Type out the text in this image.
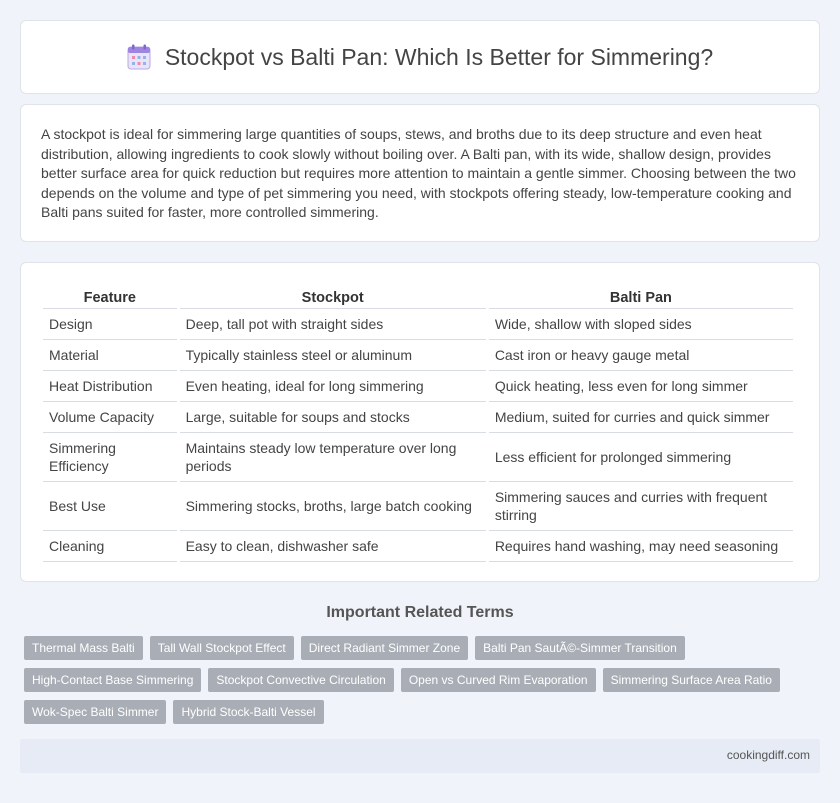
Stockpot vs Balti Pan: Which Is Better for Simmering?

A stockpot is ideal for simmering large quantities of soups, stews, and broths due to its deep structure and even heat distribution, allowing ingredients to cook slowly without boiling over. A Balti pan, with its wide, shallow design, provides better surface area for quick reduction but requires more attention to maintain a gentle simmer. Choosing between the two depends on the volume and type of pet simmering you need, with stockpots offering steady, low-temperature cooking and Balti pans suited for faster, more controlled simmering.

Feature	Stockpot	Balti Pan
Design	Deep, tall pot with straight sides	Wide, shallow with sloped sides
Material	Typically stainless steel or aluminum	Cast iron or heavy gauge metal
Heat Distribution	Even heating, ideal for long simmering	Quick heating, less even for long simmer
Volume Capacity	Large, suitable for soups and stocks	Medium, suited for curries and quick simmer
Simmering Efficiency	Maintains steady low temperature over long periods	Less efficient for prolonged simmering
Best Use	Simmering stocks, broths, large batch cooking	Simmering sauces and curries with frequent stirring
Cleaning	Easy to clean, dishwasher safe	Requires hand washing, may need seasoning
Important Related Terms
Thermal Mass Balti	Tall Wall Stockpot Effect	Direct Radiant Simmer Zone	Balti Pan SautÃ©-Simmer Transition
High-Contact Base Simmering	Stockpot Convective Circulation	Open vs Curved Rim Evaporation	Simmering Surface Area Ratio
Wok-Spec Balti Simmer	Hybrid Stock-Balti Vessel
cookingdiff.com
